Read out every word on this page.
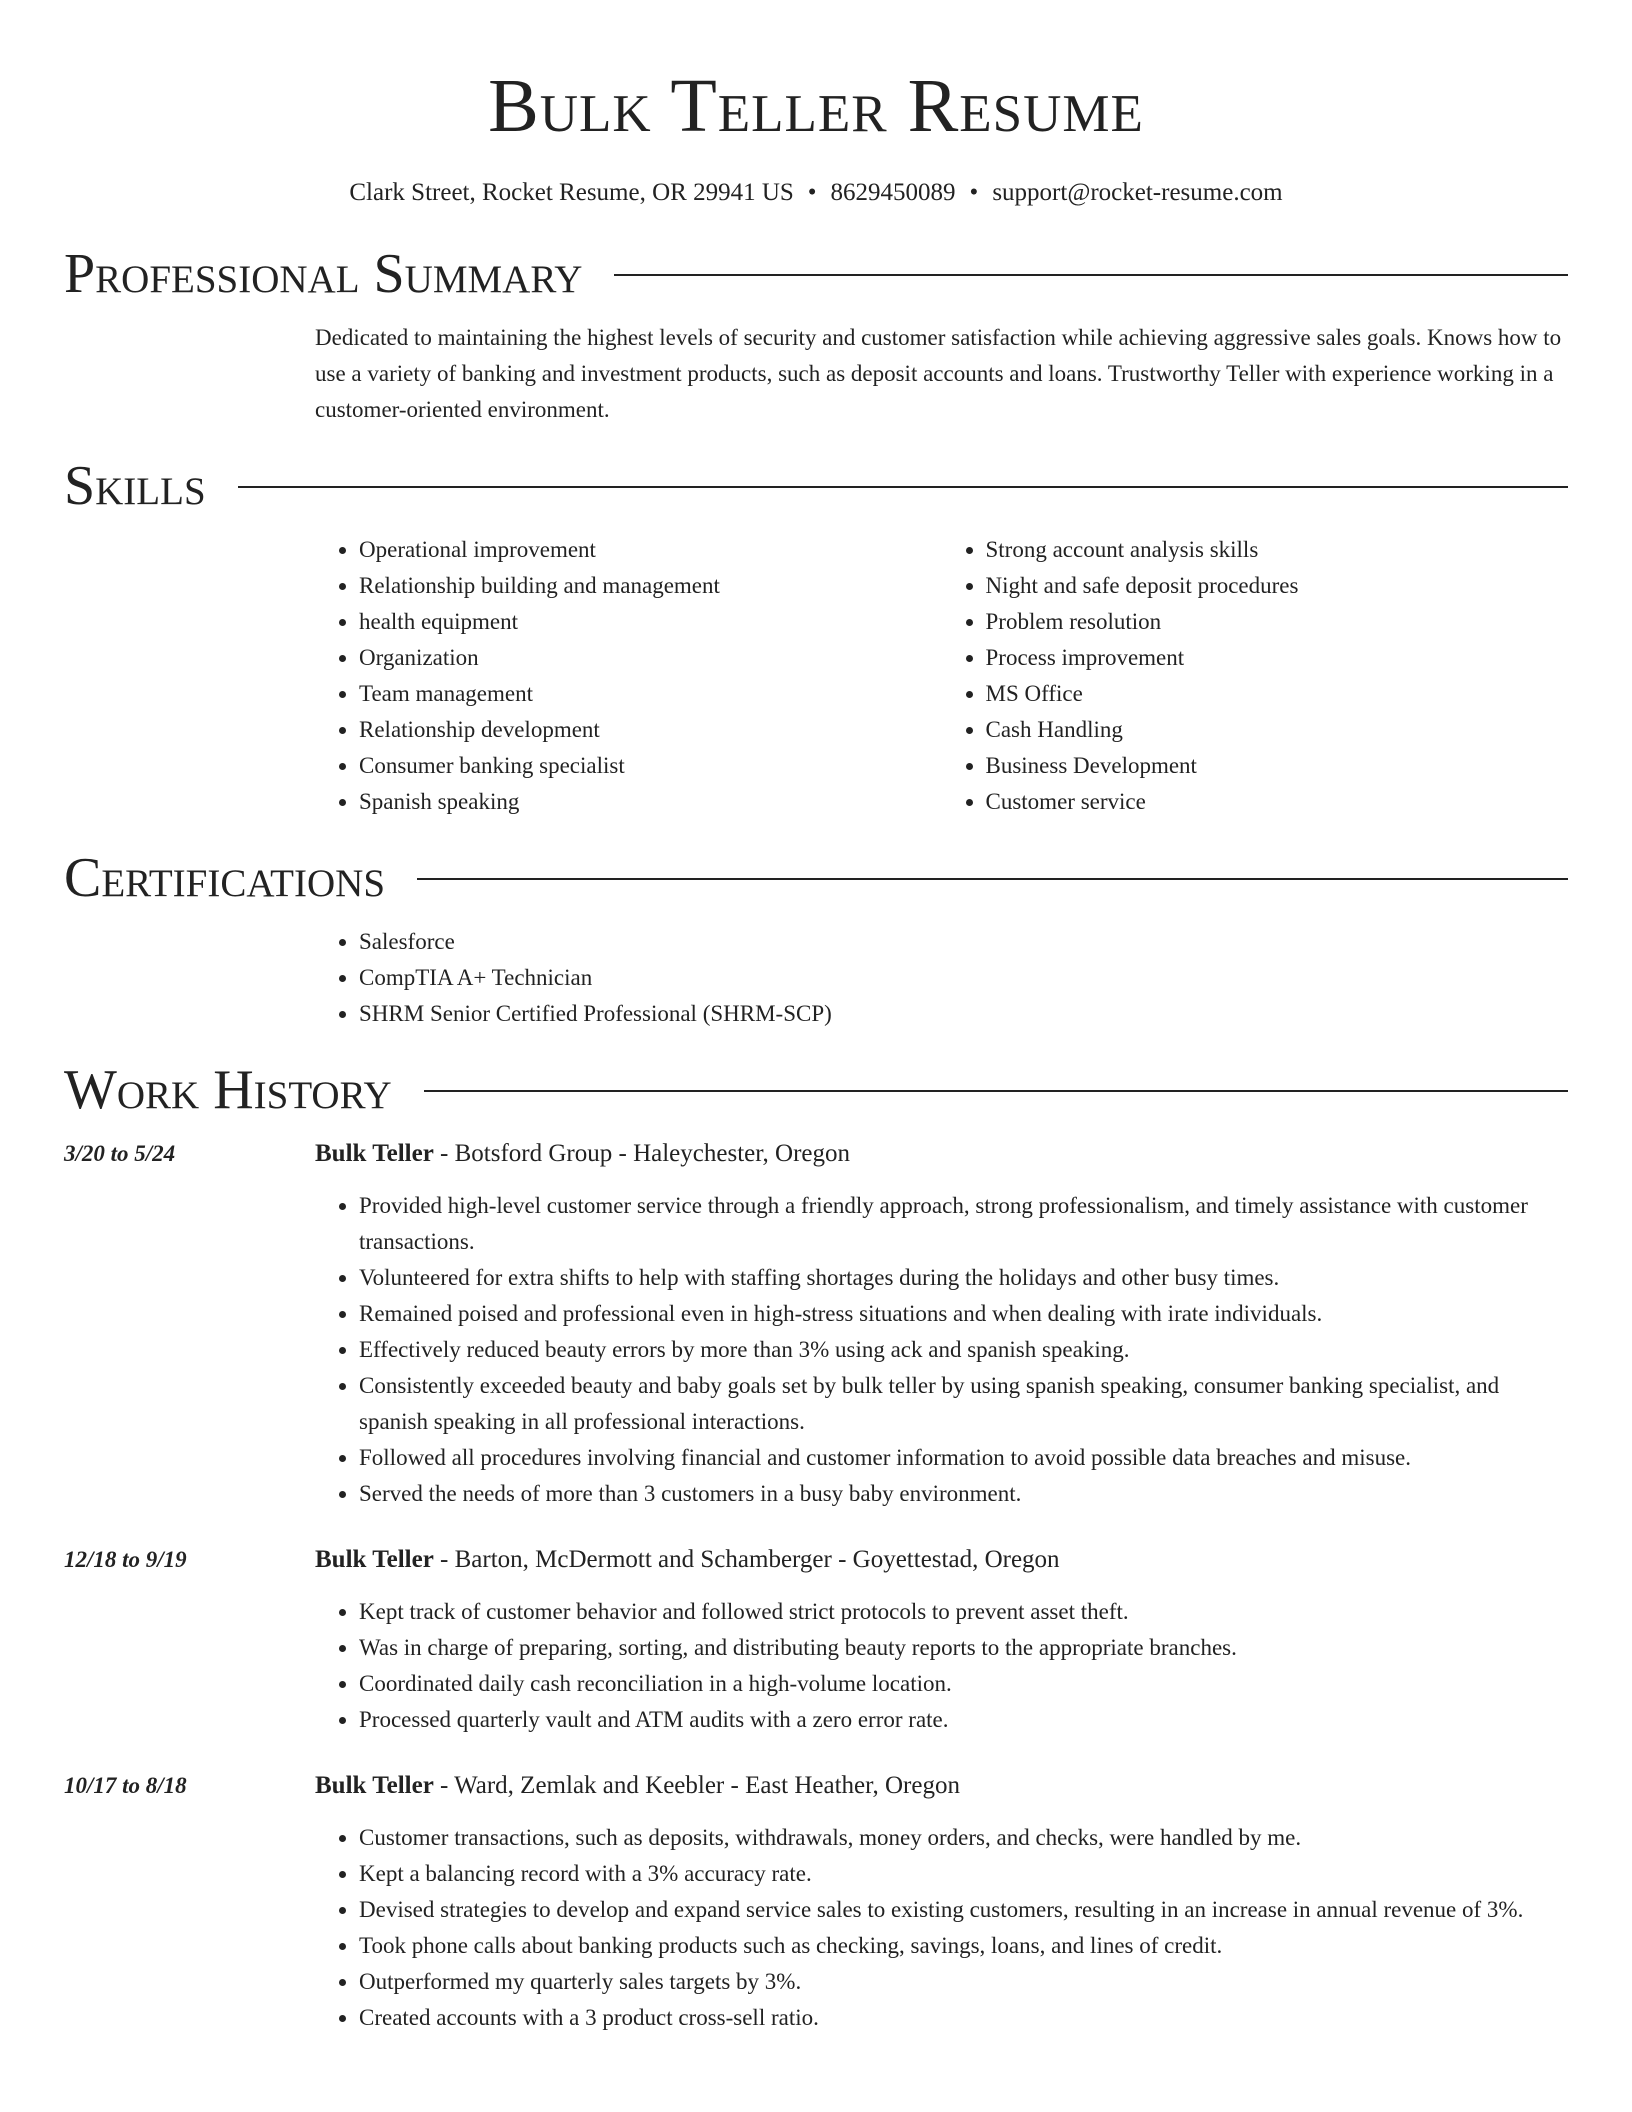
Bulk Teller Resume
Clark Street, Rocket Resume, OR 29941 US • 8629450089 • support@rocket-resume.com
Professional Summary
Dedicated to maintaining the highest levels of security and customer satisfaction while achieving aggressive sales goals. Knows how to use a variety of banking and investment products, such as deposit accounts and loans. Trustworthy Teller with experience working in a customer-oriented environment.
Skills
• Operational improvement
• Relationship building and management
• health equipment
• Organization
• Team management
• Relationship development
• Consumer banking specialist
• Spanish speaking
• Strong account analysis skills
• Night and safe deposit procedures
• Problem resolution
• Process improvement
• MS Office
• Cash Handling
• Business Development
• Customer service
Certifications
• Salesforce
• CompTIA A+ Technician
• SHRM Senior Certified Professional (SHRM-SCP)
Work History
3/20 to 5/24	Bulk Teller - Botsford Group - Haleychester, Oregon
• Provided high-level customer service through a friendly approach, strong professionalism, and timely assistance with customer transactions.
• Volunteered for extra shifts to help with staffing shortages during the holidays and other busy times.
• Remained poised and professional even in high-stress situations and when dealing with irate individuals.
• Effectively reduced beauty errors by more than 3% using ack and spanish speaking.
• Consistently exceeded beauty and baby goals set by bulk teller by using spanish speaking, consumer banking specialist, and spanish speaking in all professional interactions.
• Followed all procedures involving financial and customer information to avoid possible data breaches and misuse.
• Served the needs of more than 3 customers in a busy baby environment.
12/18 to 9/19	Bulk Teller - Barton, McDermott and Schamberger - Goyettestad, Oregon
• Kept track of customer behavior and followed strict protocols to prevent asset theft.
• Was in charge of preparing, sorting, and distributing beauty reports to the appropriate branches.
• Coordinated daily cash reconciliation in a high-volume location.
• Processed quarterly vault and ATM audits with a zero error rate.
10/17 to 8/18	Bulk Teller - Ward, Zemlak and Keebler - East Heather, Oregon
• Customer transactions, such as deposits, withdrawals, money orders, and checks, were handled by me.
• Kept a balancing record with a 3% accuracy rate.
• Devised strategies to develop and expand service sales to existing customers, resulting in an increase in annual revenue of 3%.
• Took phone calls about banking products such as checking, savings, loans, and lines of credit.
• Outperformed my quarterly sales targets by 3%.
• Created accounts with a 3 product cross-sell ratio.
